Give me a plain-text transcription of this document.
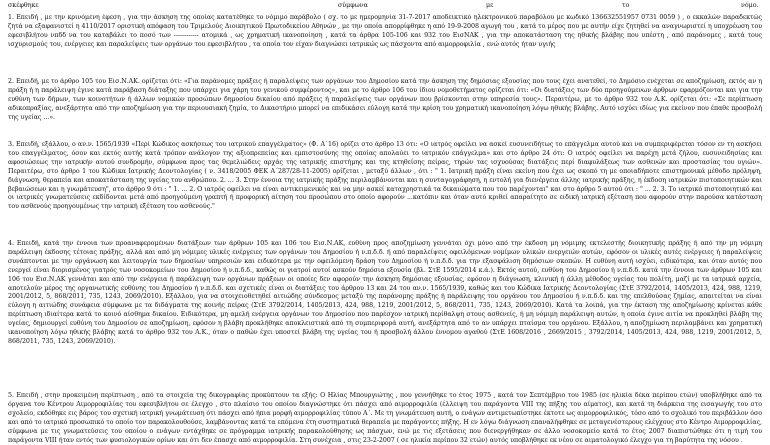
σκέφθηκε	σύμφωνα	με	το	νόμο.

1. Επειδή , με την κρινόμενη έφεση , για την άσκηση της οποίας κατατέθηκε το νόμιμο παράβολο ( σχ. το με ημερομηνία 31-7-2017 αποδεικτικό ηλεκτρονικού παραβόλου με κωδικό 136632551957 0731 0059 ) , ο εκκαλών παραδεκτώς ζητά να εξαφανιστεί η 4110/2017 οριστική απόφαση του Τριμελούς Διοικητικού Πρωτοδικείου Αθηνών , με την οποία απορρίφθηκε η από 19-9-2008 αγωγή του , κατά το μέρος που με αυτήν είχε ζητηθεί να αναγνωριστεί η υποχρέωση του εφεσιβλήτου νπδδ να του καταβάλει το ποσό των ------------ ατομικά , ως χρηματική ικανοποίηση , κατά τα άρθρα 105-106 και 932 του ΕισΝΑΚ , για την αποκατάσταση της ηθικής βλάβης που υπέστη , από παράνομες , κατά τους ισχυρισμούς του, ενέργειες και παραλείψεις των οργάνων του εφεσιβλήτου , τα οποία τον είχαν διαγνώσει ιατρικώς ως πάσχοντα από αιμορροφιλία , ενώ αυτός ήταν υγιής

2. Επειδή, με το άρθρο 105 του Εισ.Ν.ΑΚ. ορίζεται ότι: «Για παράνομες πράξεις ή παραλείψεις των οργάνων του Δημοσίου κατά την άσκηση της δημόσιας εξουσίας που τους έχει ανατεθεί, το Δημόσιο ενέχεται σε αποζημίωση, εκτός αν η πράξη ή η παράλειψη έγινε κατά παράβαση διάταξης που υπάρχει για χάρη του γενικού συμφέροντος», και με το άρθρο 106 του ίδιου νομοθετήματος ορίζεται ότι: «Οι διατάξεις των δύο προηγούμενων άρθρων εφαρμόζονται και για την ευθύνη των δήμων, των κοινοτήτων ή άλλων νομικών προσώπων δημοσίου δικαίου από πράξεις ή παραλείψεις των οργάνων που βρίσκονται στην υπηρεσία τους». Περαιτέρω, με το άρθρο 932 του Α.Κ. ορίζεται ότι: «Σε περίπτωση αδικοπραξίας, ανεξάρτητα από την αποζημίωση για την περιουσιακή ζημία, το Δικαστήριο μπορεί να επιδικάσει εύλογη κατά την κρίση του χρηματική ικανοποίηση λόγω ηθικής βλάβης. Αυτό ισχύει ιδίως για εκείνον που έπαθε προσβολή της υγείας ...».

3. Επειδή, εξάλλου, ο αν.ν. 1565/1939 «Περί Κώδικος ασκήσεως του ιατρικού επαγγέλματος» (Φ. Α΄16) ορίζει στο άρθρο 13 ότι: «Ο ιατρός οφείλει να ασκεί ευσυνειδήτως το επάγγελμα αυτού και να συμπεριφέρεται τόσον εν τη ασκήσει του επαγγέλματος, όσον και εκτός αυτής κατά τρόπον ανάλογον της αξιοπρεπείας και εμπιστοσύνης της οποίας απολαύει το ιατρικόν επάγγελμα» και στο άρθρο 24 ότι: Ο ιατρός οφείλει να παρέχη μετά ζήλου, ευσυνειδησίας και αφοσιώσεως την ιατρικήν αυτού συνδρομήν, σύμφωνα προς τας θεμελιώδεις αρχάς της ιατρικής επιστήμης και της κτηθείσης πείρας, τηρών τας ισχυούσας διατάξεις περί διαφυλάξεως των ασθενών και προστασίας του υγιών». Περαιτέρω, στο άρθρο 1 του Κώδικα Ιατρικής Δεοντολογίας ( ν. 3418/2005 ΦΕΚ Α΄287/28-11-2005) ορίζεται , μεταξύ άλλων , ότι : " 1. Ιατρική πράξη είναι εκείνη που έχει ως σκοπό τη με οποιαδήποτε επιστημονικά μέθοδο πρόληψη, διάγνωση, θεραπεία και αποκατάσταση της υγείας του ανθρώπου. 2. ... 3. Στην έννοια της ιατρικής πράξης περιλαμβάνονται και η συνταγογράφηση, η εντολή για διενέργεια άλλης ιατρικής πράξης, η έκδοση ιατρικών πιστοποιητικών και βεβαιώσεων και η γνωμάτευση", στο άρθρο 9 ότι : " 1. ... 2. Ο ιατρός οφείλει να είναι αντικειμενικός και να μην ασκεί καταχρηστικά τα δικαιώματα που του παρέχονται" και στο άρθρο 5 αυτού ότι : " ... 2. 3. Το ιατρικό πιστοποιητικό και οι ιατρικές γνωματεύσεις εκδίδονται μετά από προηγούμενη γραπτή ή προφορική αίτηση του προσώπου στο οποίο αφορούν ...κατόπιν και όταν αυτό κριθεί απαραίτητο σε ειδική ιατρική εξέταση που αφορούν στην παρούσα κατάσταση του ασθενούς προηγουμένως την ιατρική εξέταση του ασθενούς."

4. Επειδή, κατά την έννοια των προαναφερομένων διατάξεων των άρθρων 105 και 106 του Εισ.Ν.ΑΚ, ευθύνη προς αποζημίωση γεννάται όχι μόνο από την έκδοση μη νόμιμης εκτελεστής διοικητικής πράξης ή από την μη νόμιμη παράλειψη έκδοσης τέτοιας πράξης, αλλά και από μη νόμιμες υλικές ενέργειες των οργάνων του Δημοσίου ή ν.π.δ.δ. ή από παραλείψεις οφειλόμενων νομίμων υλικών ενεργειών αυτών, εφόσον οι υλικές αυτές ενέργειες ή παραλείψεις συνάπτονται με την οργάνωση και λειτουργία των δημοσίων υπηρεσιών και ειδικότερα με την οφειλόμενη δράση του Δημοσίου ή ν.π.δ.δ. για την εξασφάλιση δημόσιων σκοπών. Η ευθύνη αυτή ισχύει, ειδικότερα, και όταν αυτός που ενεργεί είναι διορισμένος γιατρός των νοσοκομείων του Δημοσίου ή ν.π.δ.δ., καθώς οι γιατροί αυτοί ασκούν δημόσια εξουσία (βλ. ΣτΕ 1595/2014 κ.ά.). Εκτός αυτού, ευθύνη του Δημοσίου ή ν.π.δ.δ. κατά την έννοια των άρθρων 105 και 106 του Εισ.Ν.ΑΚ γεννάται και από την ενέργεια ή παράλειψη των οργάνων πράξεων οι οποίες δεν αφορούν την άσκηση δημόσιας εξουσίας, εφόσον η διάγνωση, κλινική ή άλλη μέθοδος υγείας του πολίτη, μαζί με τα ιατρικά αρχεία, αποτελούν μέρος της οργανωτικής ευθύνης του Δημοσίου ή ν.π.δ.δ. και σχετικές είναι οι διατάξεις του άρθρου 13 και 24 του αν.ν. 1565/1939, καθώς και του Κώδικα Ιατρικής Δεοντολογίας (ΣτΕ 3792/2014, 1405/2013, 424, 988, 1219, 2001/2012, 5, 868/2011, 735, 1243, 2069/2010). Εξάλλου, για να στοιχειοθετηθεί αιτιώδης σύνδεσμος μεταξύ της παράνομης πράξης ή παράλειψης του οργάνου του Δημοσίου ή ν.π.δ.δ. και της επελθούσας ζημίας, απαιτείται να είναι εύλογη η αιτιώδης συνάφεια σύμφωνα με τα διδάγματα της κοινής πείρας (ΣτΕ 3792/2014, 1405/2013, 424, 988, 1219, 2001/2012, 5, 868/2011, 735, 1243, 2069/2010). Κατά τα λοιπά, για την έκταση της αποζημίωσης κρίνεται κάθε περίπτωση ιδιαίτερα κατά το κοινό αίσθημα δικαίου. Ειδικότερα, μη αμελή ενέργεια οργάνων του Δημοσίου που παρέσχον ιατρική περίθαλψη στους ασθενείς, ή μη νόμιμη παράλειψη αυτών, η οποία έγινε αιτία να προκληθεί βλάβη της υγείας, δημιουργεί ευθύνη του Δημοσίου σε αποζημίωση, εφόσον η βλάβη προκλήθηκε αποκλειστικά από τη συμπεριφορά αυτή, ανεξάρτητα από το αν υπάρχει πταίσμα του οργάνου. Εξάλλου, η αποζημίωση περιλαμβάνει και χρηματική ικανοποίηση λόγω ηθικής βλάβης κατά το άρθρο 932 του Α.Κ., όταν ο παθών έχει υποστεί βλάβη της υγείας του ή προσβολή άλλου έννομου αγαθού (ΣτΕ 1608/2016 , 2669/2015 , 3792/2014, 1405/2013, 424, 988, 1219, 2001/2012, 5, 868/2011, 735, 1243, 2069/2010).

5. Επειδή , στην προκειμένη περίπτωση , από τα στοιχεία της δικογραφίας προκύπτουν τα εξής: Ο Ηλίας Μπουργιώτης , που γεννήθηκε το έτος 1975 , κατά τον Σεπτέμβριο του 1985 (σε ηλικία δέκα περίπου ετών) υποβλήθηκε από τα όργανα του Κέντρου Αιμορροφιλίας του εφεσιβλήτου σε έλεγχο , στο πλαίσιο του οποίου διαγνώστηκε ότι πάσχει από αιμορροφιλία (έλλειψη του παράγοντα VIII της πήξης του αίματος), και κατά τη διάρκεια της εισαγωγής του στο σχολείο, εκδόθηκε εις βάρος του σχετική ιατρική γνωμάτευση ότι πάσχει από ήπια μορφή αιμορροφιλίας τύπου Α΄. Με τη γνωμάτευση αυτή, ο ενάγων αντιμετωπίστηκε έκτοτε ως αιμορροφιλικός, τόσο από το σχολικό του περιβάλλον όσο και από το ιατρικό προσωπικό το οποίο τον παρακολουθούσε, λαμβάνοντας κατά τα επόμενα έτη συστηματικά θεραπεία με παράγοντες πήξης. Η εν λόγω διάγνωση επαναλήφθηκε σε μεταγενέστερους ελέγχους στο Κέντρο Αιμορροφιλίας, σύμφωνα με τις γνωματεύσεις του οποίου ο ενάγων εντάχθηκε σε πρόγραμμα ιατρικής παρακολούθησης ως πάσχων, ενώ με τις εξετάσεις που διενεργήθηκαν σε άλλο νοσοκομείο κατά το έτος 2007 διαπιστώθηκε ότι η τιμή του παράγοντα VIII ήταν εντός των φυσιολογικών ορίων και ότι δεν έπασχε από αιμορροφιλία. Στη συνέχεια , στις 23-2-2007 ( σε ηλικία περίπου 32 ετών) αυτός υποβλήθηκε εκ νέου σε αιματολογικό έλεγχο για τη βαρύτητα της νόσου .
